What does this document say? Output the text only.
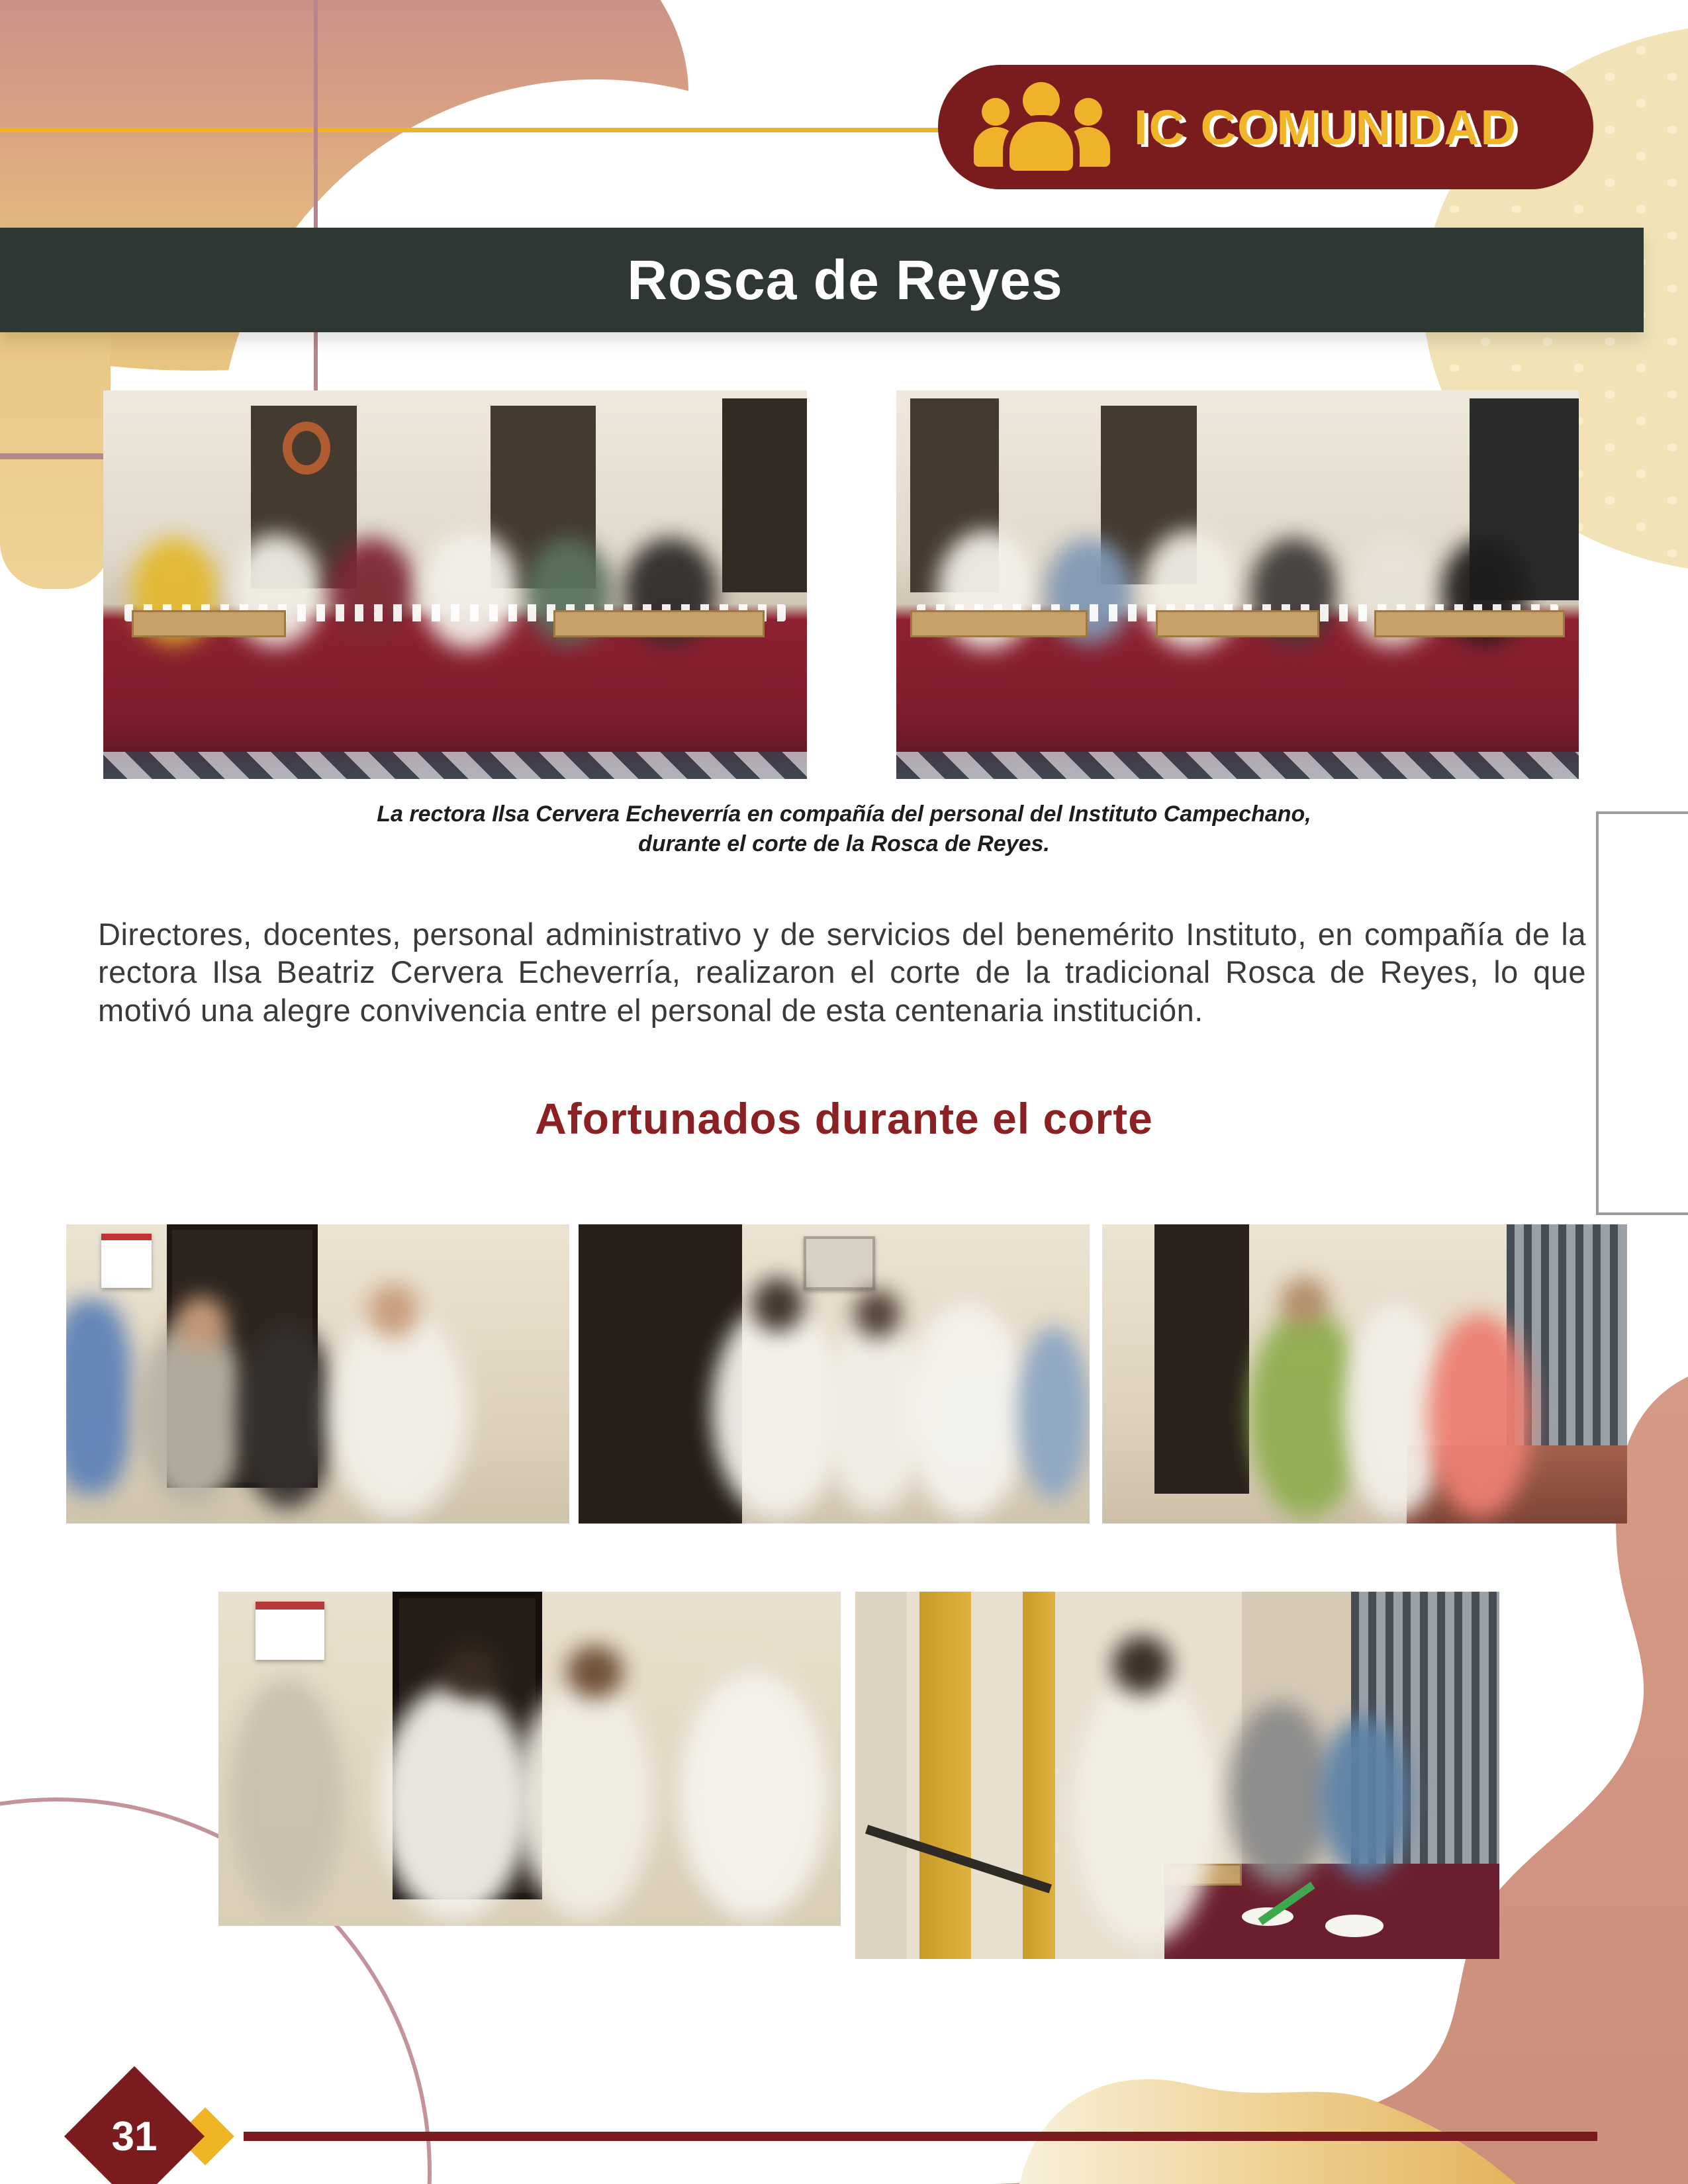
Rosca de Reyes
IC COMUNIDAD
La rectora Ilsa Cervera Echeverría en compañía del personal del Instituto Campechano,
durante el corte de la Rosca de Reyes.

Directores, docentes, personal administrativo y de servicios del benemérito Instituto, en compañía de la rectora Ilsa Beatriz Cervera Echeverría, realizaron el corte de la tradicional Rosca de Reyes, lo que motivó una alegre convivencia entre el personal de esta centenaria institución.

Afortunados durante el corte
31
